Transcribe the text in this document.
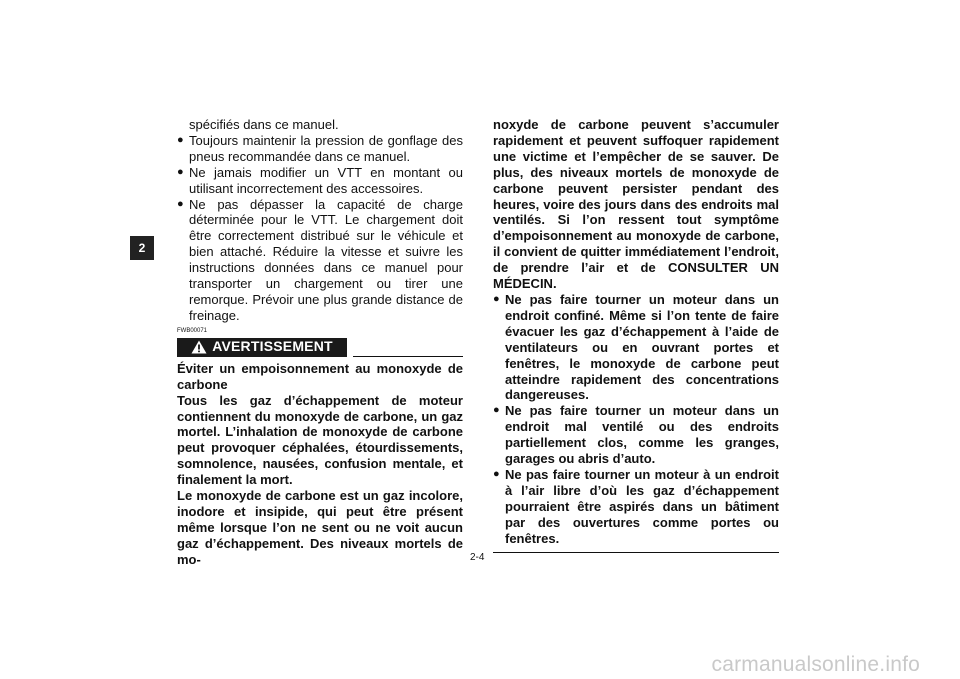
2

spécifiés dans ce manuel.

● Toujours maintenir la pression de gonflage des pneus recommandée dans ce manuel.

● Ne jamais modifier un VTT en montant ou utilisant incorrectement des accessoires.

● Ne pas dépasser la capacité de charge déterminée pour le VTT. Le chargement doit être correctement distribué sur le véhicule et bien attaché. Réduire la vitesse et suivre les instructions données dans ce manuel pour transporter un chargement ou tirer une remorque. Prévoir une plus grande distance de freinage.

FWB00071
AVERTISSEMENT

Éviter un empoisonnement au monoxyde de carbone

Tous les gaz d’échappement de moteur contiennent du monoxyde de carbone, un gaz mortel. L’inhalation de monoxyde de carbone peut provoquer céphalées, étourdissements, somnolence, nausées, confusion mentale, et finalement la mort.

Le monoxyde de carbone est un gaz incolore, inodore et insipide, qui peut être présent même lorsque l’on ne sent ou ne voit aucun gaz d’échappement. Des niveaux mortels de mo-

noxyde de carbone peuvent s’accumuler rapidement et peuvent suffoquer rapidement une victime et l’empêcher de se sauver. De plus, des niveaux mortels de monoxyde de carbone peuvent persister pendant des heures, voire des jours dans des endroits mal ventilés. Si l’on ressent tout symptôme d’empoisonnement au monoxyde de carbone, il convient de quitter immédiatement l’endroit, de prendre l’air et de CONSULTER UN MÉDECIN.

● Ne pas faire tourner un moteur dans un endroit confiné. Même si l’on tente de faire évacuer les gaz d’échappement à l’aide de ventilateurs ou en ouvrant portes et fenêtres, le monoxyde de carbone peut atteindre rapidement des concentrations dangereuses.

● Ne pas faire tourner un moteur dans un endroit mal ventilé ou des endroits partiellement clos, comme les granges, garages ou abris d’auto.

● Ne pas faire tourner un moteur à un endroit à l’air libre d’où les gaz d’échappement pourraient être aspirés dans un bâtiment par des ouvertures comme portes ou fenêtres.

2-4
carmanualsonline.info
